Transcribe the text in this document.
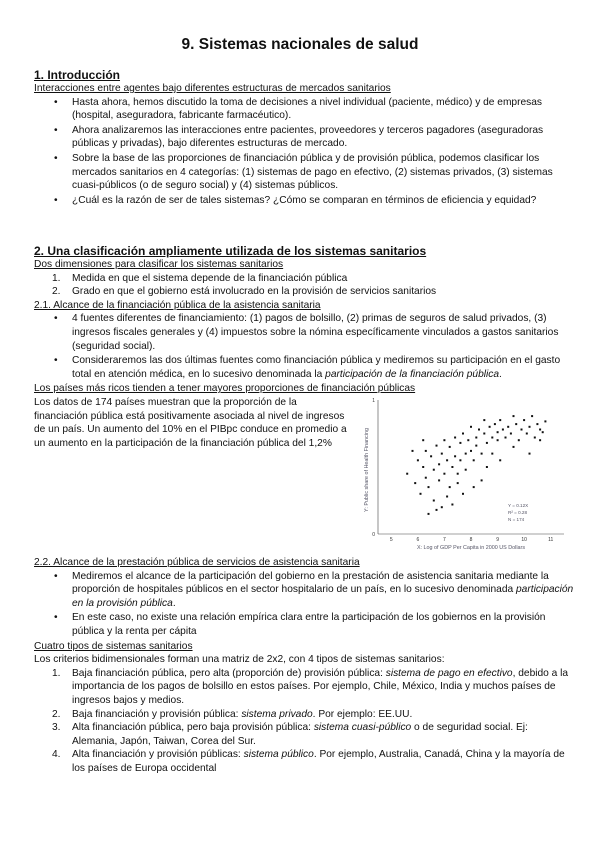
9. Sistemas nacionales de salud
1. Introducción
Interacciones entre agentes bajo diferentes estructuras de mercados sanitarios
• Hasta ahora, hemos discutido la toma de decisiones a nivel individual (paciente, médico) y de empresas (hospital, aseguradora, fabricante farmacéutico).
• Ahora analizaremos las interacciones entre pacientes, proveedores y terceros pagadores (aseguradoras públicas y privadas), bajo diferentes estructuras de mercado.
• Sobre la base de las proporciones de financiación pública y de provisión pública, podemos clasificar los mercados sanitarios en 4 categorías: (1) sistemas de pago en efectivo, (2) sistemas privados, (3) sistemas cuasi-públicos (o de seguro social) y (4) sistemas públicos.
• ¿Cuál es la razón de ser de tales sistemas? ¿Cómo se comparan en términos de eficiencia y equidad?
2. Una clasificación ampliamente utilizada de los sistemas sanitarios
Dos dimensiones para clasificar los sistemas sanitarios
1. Medida en que el sistema depende de la financiación pública
2. Grado en que el gobierno está involucrado en la provisión de servicios sanitarios
2.1. Alcance de la financiación pública de la asistencia sanitaria
• 4 fuentes diferentes de financiamiento: (1) pagos de bolsillo, (2) primas de seguros de salud privados, (3) ingresos fiscales generales y (4) impuestos sobre la nómina específicamente vinculados a gastos sanitarios (seguridad social).
• Consideraremos las dos últimas fuentes como financiación pública y mediremos su participación en el gasto total en atención médica, en lo sucesivo denominada la participación de la financiación pública.
Los países más ricos tienden a tener mayores proporciones de financiación públicas
Los datos de 174 países muestran que la proporción de la financiación pública está positivamente asociada al nivel de ingresos de un país. Un aumento del 10% en el PIBpc conduce en promedio a un aumento en la participación de la financiación pública del 1,2%
5	6	7	8	9	10	11
0
1
Y: Public share of Health Financing
X: Log of GDP Per Capita in 2000 US Dollars
Y = 0.12X
R² = 0.28
N = 174
2.2. Alcance de la prestación pública de servicios de asistencia sanitaria
• Mediremos el alcance de la participación del gobierno en la prestación de asistencia sanitaria mediante la proporción de hospitales públicos en el sector hospitalario de un país, en lo sucesivo denominada participación en la provisión pública.
• En este caso, no existe una relación empírica clara entre la participación de los gobiernos en la provisión pública y la renta per cápita
Cuatro tipos de sistemas sanitarios
Los criterios bidimensionales forman una matriz de 2x2, con 4 tipos de sistemas sanitarios:
1. Baja financiación pública, pero alta (proporción de) provisión pública: sistema de pago en efectivo, debido a la importancia de los pagos de bolsillo en estos países. Por ejemplo, Chile, México, India y muchos países de ingresos bajos y medios.
2. Baja financiación y provisión pública: sistema privado. Por ejemplo: EE.UU.
3. Alta financiación pública, pero baja provisión pública: sistema cuasi-público o de seguridad social. Ej: Alemania, Japón, Taiwan, Corea del Sur.
4. Alta financiación y provisión públicas: sistema público. Por ejemplo, Australia, Canadá, China y la mayoría de los países de Europa occidental
